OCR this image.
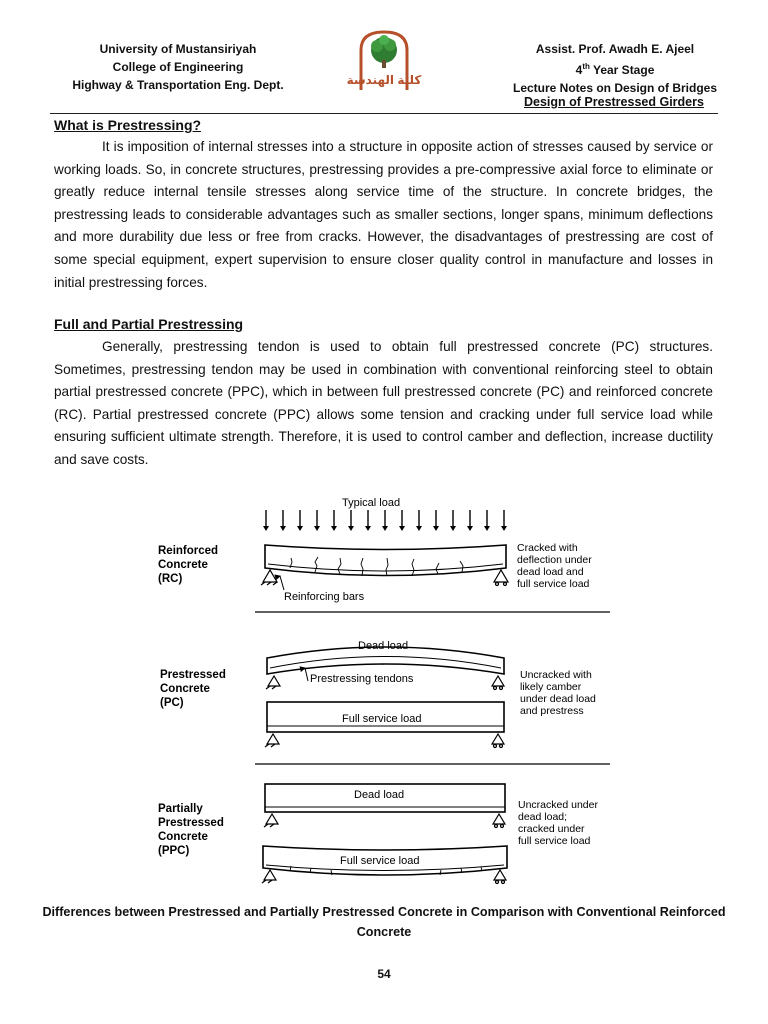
University of Mustansiriyah
College of Engineering
Highway & Transportation Eng. Dept.	كلية الهندسة
Assist. Prof. Awadh E. Ajeel
4th Year Stage
Lecture Notes on Design of Bridges
Design of Prestressed Girders
What is Prestressing?

It is imposition of internal stresses into a structure in opposite action of stresses caused by service or working loads. So, in concrete structures, prestressing provides a pre-compressive axial force to eliminate or greatly reduce internal tensile stresses along service time of the structure. In concrete bridges, the prestressing leads to considerable advantages such as smaller sections, longer spans, minimum deflections and more durability due less or free from cracks. However, the disadvantages of prestressing are cost of some special equipment, expert supervision to ensure closer quality control in manufacture and losses in initial prestressing forces.

Full and Partial Prestressing

Generally, prestressing tendon is used to obtain full prestressed concrete (PC) structures. Sometimes, prestressing tendon may be used in combination with conventional reinforcing steel to obtain partial prestressed concrete (PPC), which in between full prestressed concrete (PC) and reinforced concrete (RC). Partial prestressed concrete (PPC) allows some tension and cracking under full service load while ensuring sufficient ultimate strength. Therefore, it is used to control camber and deflection, increase ductility and save costs.

Typical load
Reinforced
Concrete
(RC)
Reinforcing bars
Cracked with
deflection under
dead load and
full service load
Prestressed
Concrete
(PC)
Dead load
Prestressing tendons
Full service load
Uncracked with
likely camber
under dead load
and prestress
Partially
Prestressed
Concrete
(PPC)
Dead load
Full service load
Uncracked under
dead load;
cracked under
full service load
Differences between Prestressed and Partially Prestressed Concrete in Comparison with Conventional Reinforced Concrete
54
